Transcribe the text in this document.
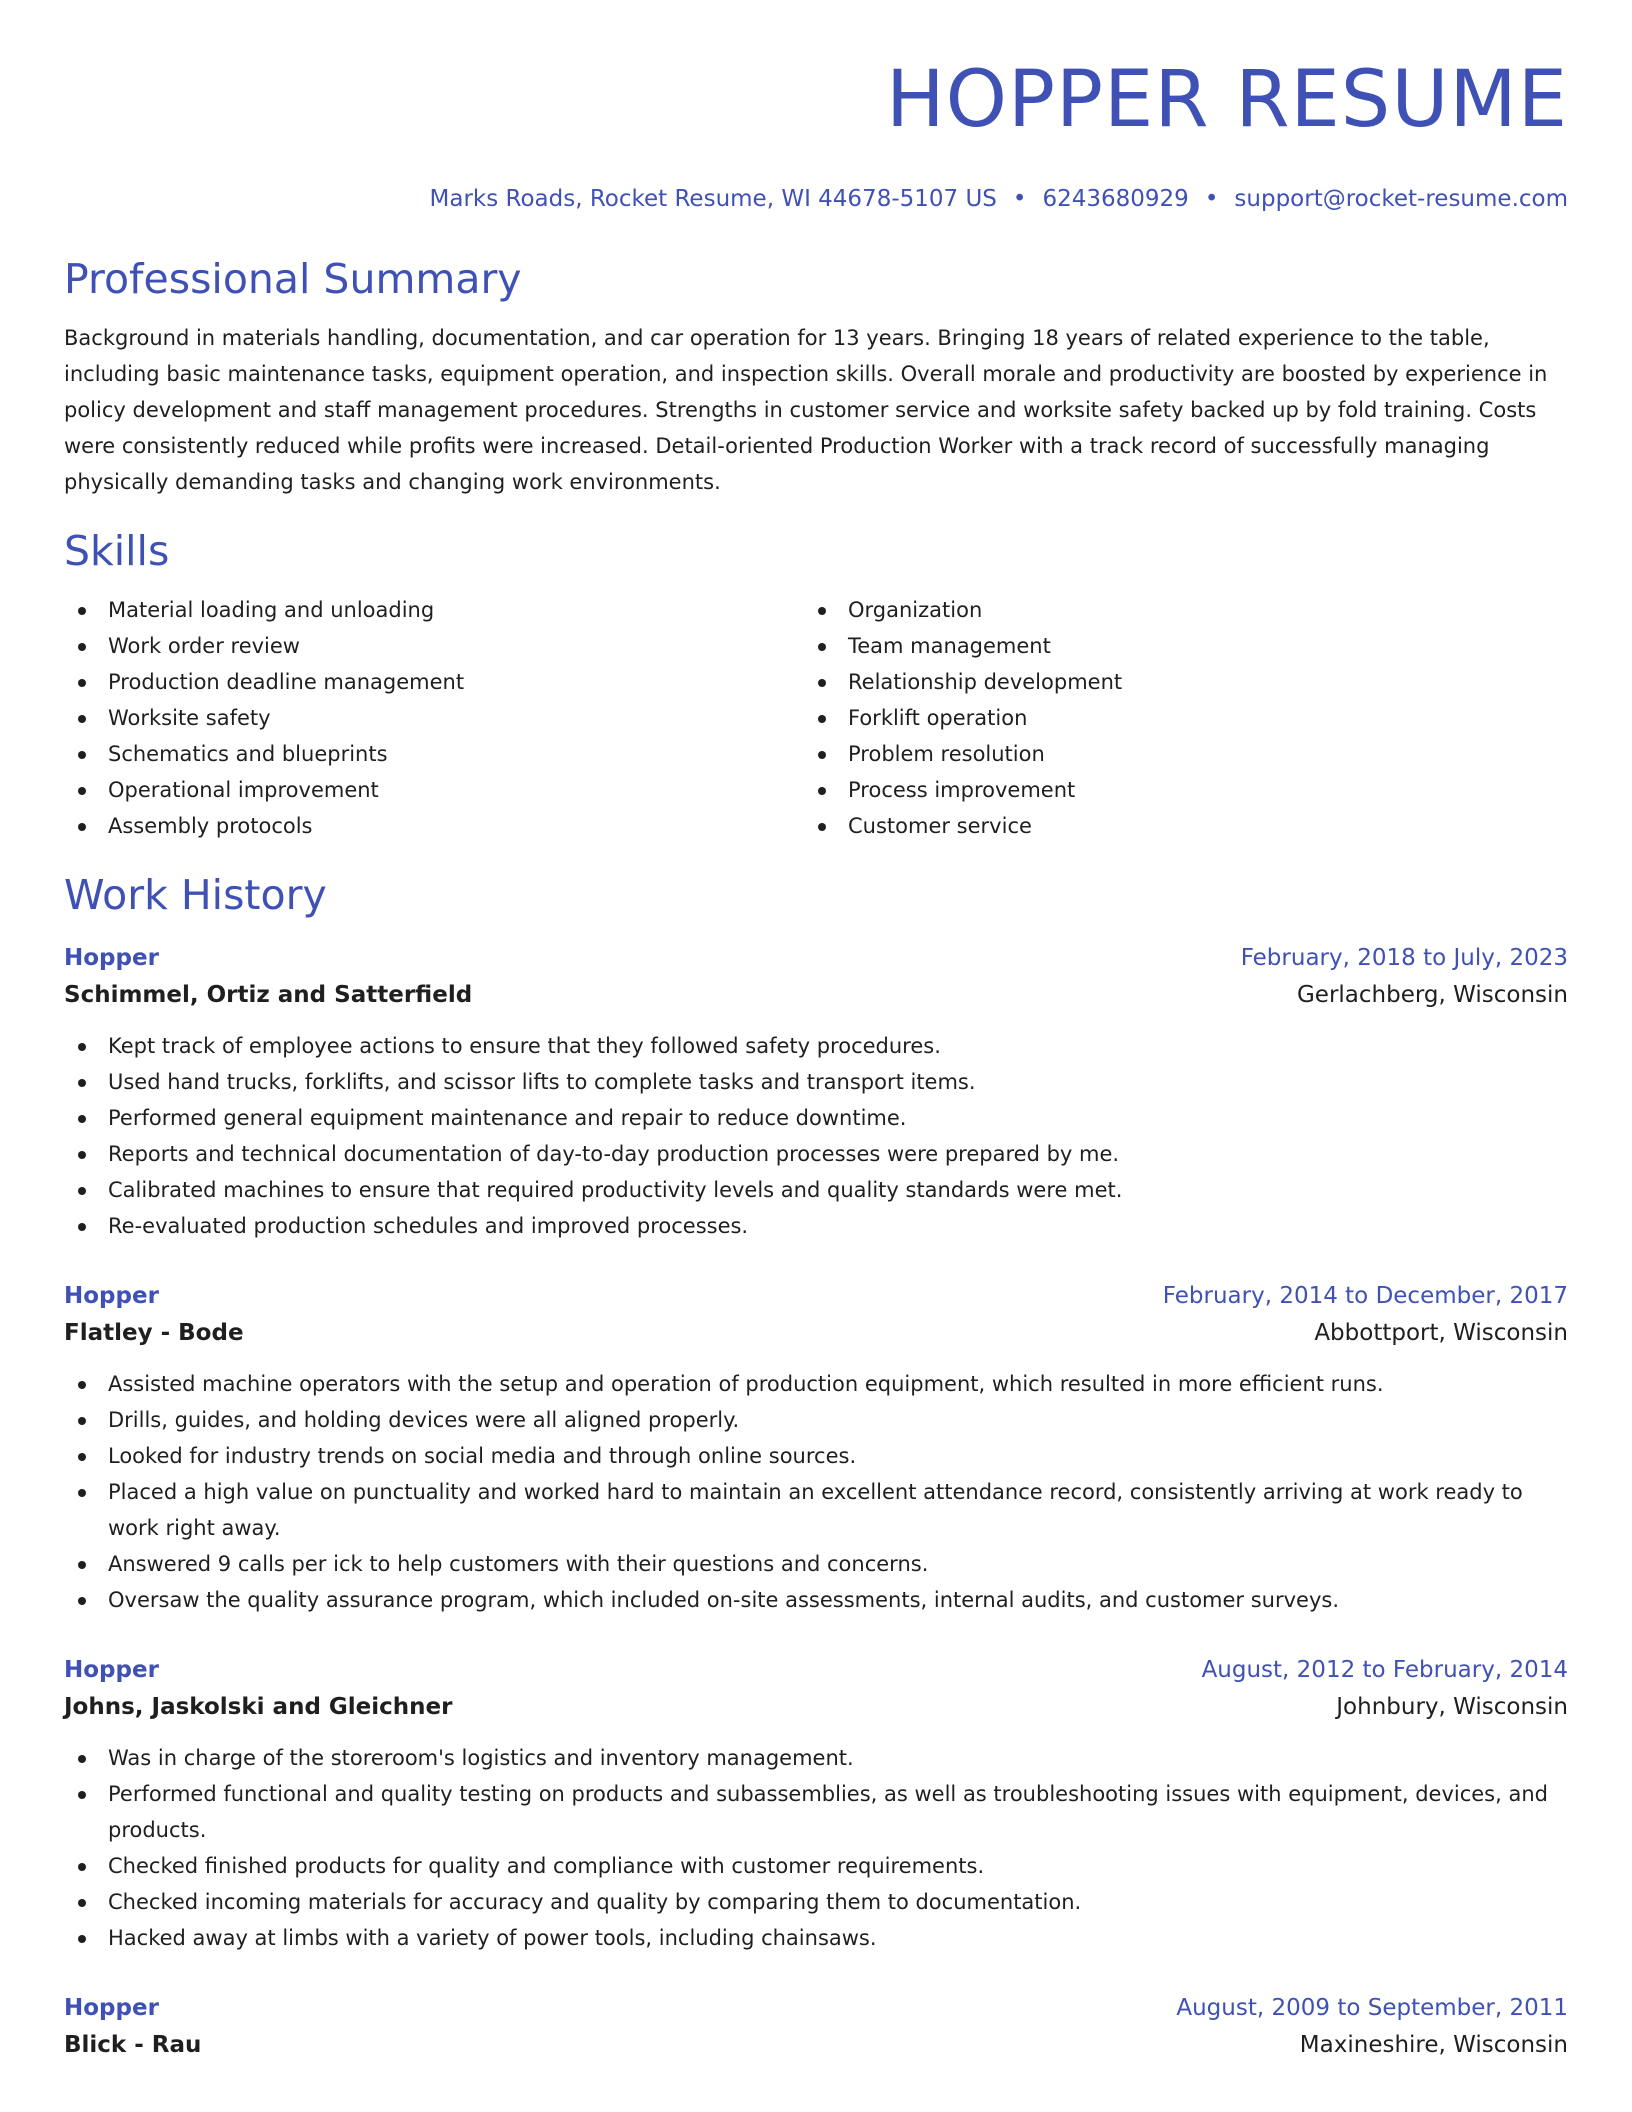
HOPPER RESUME
Marks Roads, Rocket Resume, WI 44678-5107 US • 6243680929 • support@rocket-resume.com
Professional Summary
Background in materials handling, documentation, and car operation for 13 years. Bringing 18 years of related experience to the table, including basic maintenance tasks, equipment operation, and inspection skills. Overall morale and productivity are boosted by experience in policy development and staff management procedures. Strengths in customer service and worksite safety backed up by fold training. Costs were consistently reduced while profits were increased. Detail-oriented Production Worker with a track record of successfully managing physically demanding tasks and changing work environments.
Skills
Material loading and unloading
Work order review
Production deadline management
Worksite safety
Schematics and blueprints
Operational improvement
Assembly protocols
Organization
Team management
Relationship development
Forklift operation
Problem resolution
Process improvement
Customer service
Work History
Hopper	February, 2018 to July, 2023
Schimmel, Ortiz and Satterfield	Gerlachberg, Wisconsin
Kept track of employee actions to ensure that they followed safety procedures.
Used hand trucks, forklifts, and scissor lifts to complete tasks and transport items.
Performed general equipment maintenance and repair to reduce downtime.
Reports and technical documentation of day-to-day production processes were prepared by me.
Calibrated machines to ensure that required productivity levels and quality standards were met.
Re-evaluated production schedules and improved processes.
Hopper	February, 2014 to December, 2017
Flatley - Bode	Abbottport, Wisconsin
Assisted machine operators with the setup and operation of production equipment, which resulted in more efficient runs.
Drills, guides, and holding devices were all aligned properly.
Looked for industry trends on social media and through online sources.
Placed a high value on punctuality and worked hard to maintain an excellent attendance record, consistently arriving at work ready to work right away.
Answered 9 calls per ick to help customers with their questions and concerns.
Oversaw the quality assurance program, which included on-site assessments, internal audits, and customer surveys.
Hopper	August, 2012 to February, 2014
Johns, Jaskolski and Gleichner	Johnbury, Wisconsin
Was in charge of the storeroom's logistics and inventory management.
Performed functional and quality testing on products and subassemblies, as well as troubleshooting issues with equipment, devices, and products.
Checked finished products for quality and compliance with customer requirements.
Checked incoming materials for accuracy and quality by comparing them to documentation.
Hacked away at limbs with a variety of power tools, including chainsaws.
Hopper	August, 2009 to September, 2011
Blick - Rau	Maxineshire, Wisconsin
